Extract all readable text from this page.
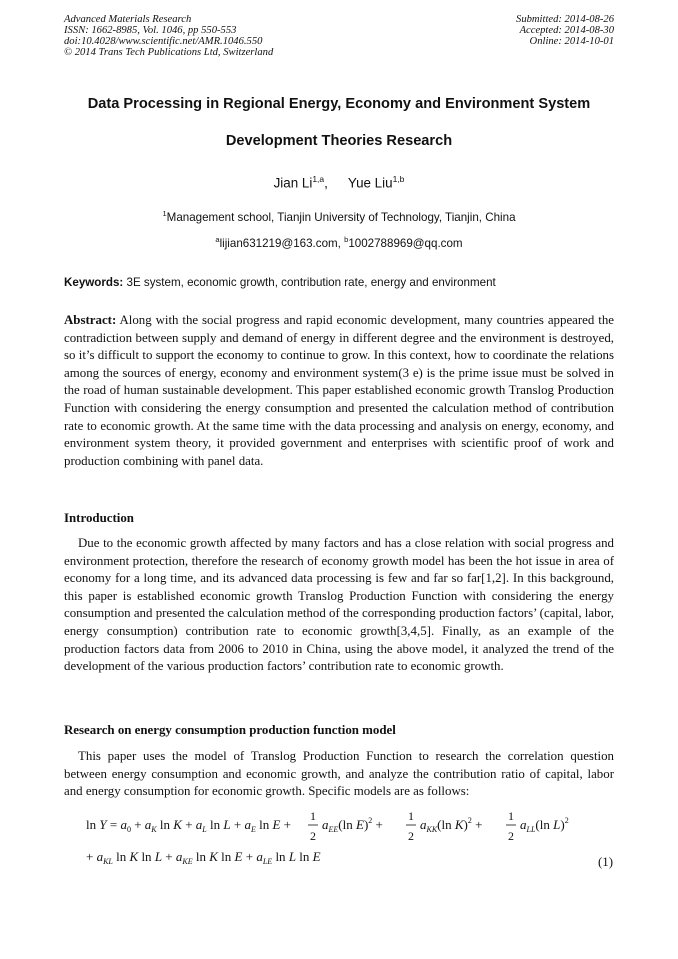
Advanced Materials Research
ISSN: 1662-8985, Vol. 1046, pp 550-553
doi:10.4028/www.scientific.net/AMR.1046.550
© 2014 Trans Tech Publications Ltd, Switzerland
Submitted: 2014-08-26
Accepted: 2014-08-30
Online: 2014-10-01
Data Processing in Regional Energy, Economy and Environment System
Development Theories Research
Jian Li$^{1,a}$, Yue Liu$^{1,b}$
$^1$Management school, Tianjin University of Technology, Tianjin, China
$^a$lijian631219@163.com, $^b$1002788969@qq.com
Keywords: 3E system, economic growth, contribution rate, energy and environment
Abstract: Along with the social progress and rapid economic development, many countries appeared the contradiction between supply and demand of energy in different degree and the environment is destroyed, so it’s difficult to support the economy to continue to grow. In this context, how to coordinate the relations among the sources of energy, economy and environment system(3 e) is the prime issue must be solved in the road of human sustainable development. This paper established economic growth Translog Production Function with considering the energy consumption and presented the calculation method of contribution rate to economic growth. At the same time with the data processing and analysis on energy, economy, and environment system theory, it provided government and enterprises with scientific proof of work and production combining with panel data.
Introduction
Due to the economic growth affected by many factors and has a close relation with social progress and environment protection, therefore the research of economy growth model has been the hot issue in area of economy for a long time, and its advanced data processing is few and far so far[1,2]. In this background, this paper is established economic growth Translog Production Function with considering the energy consumption and presented the calculation method of the corresponding production factors’ (capital, labor, energy consumption) contribution rate to economic growth[3,4,5]. Finally, as an example of the production factors data from 2006 to 2010 in China, using the above model, it analyzed the trend of the development of the various production factors’ contribution rate to economic growth.
Research on energy consumption production function model
This paper uses the model of Translog Production Function to research the correlation question between energy consumption and economic growth, and analyze the contribution ratio of capital, labor and energy consumption for economic growth. Specific models are as follows:
$\ln Y = a_0 + a_K$ $\ln K + a_L$ $\ln L + a_E$ ln E +
1
2
$a_{EE}(\ln$ E)$^2$ +
1
2
$a_{KK}(\ln$ K)$^2$ +
1
2
$a_{LL}(\ln$ L)$^2$
+ $a_{KL}$ ln K $\ln L + a_{KE}$ ln K $\ln E + a_{LE}$ ln L ln E	(1)
